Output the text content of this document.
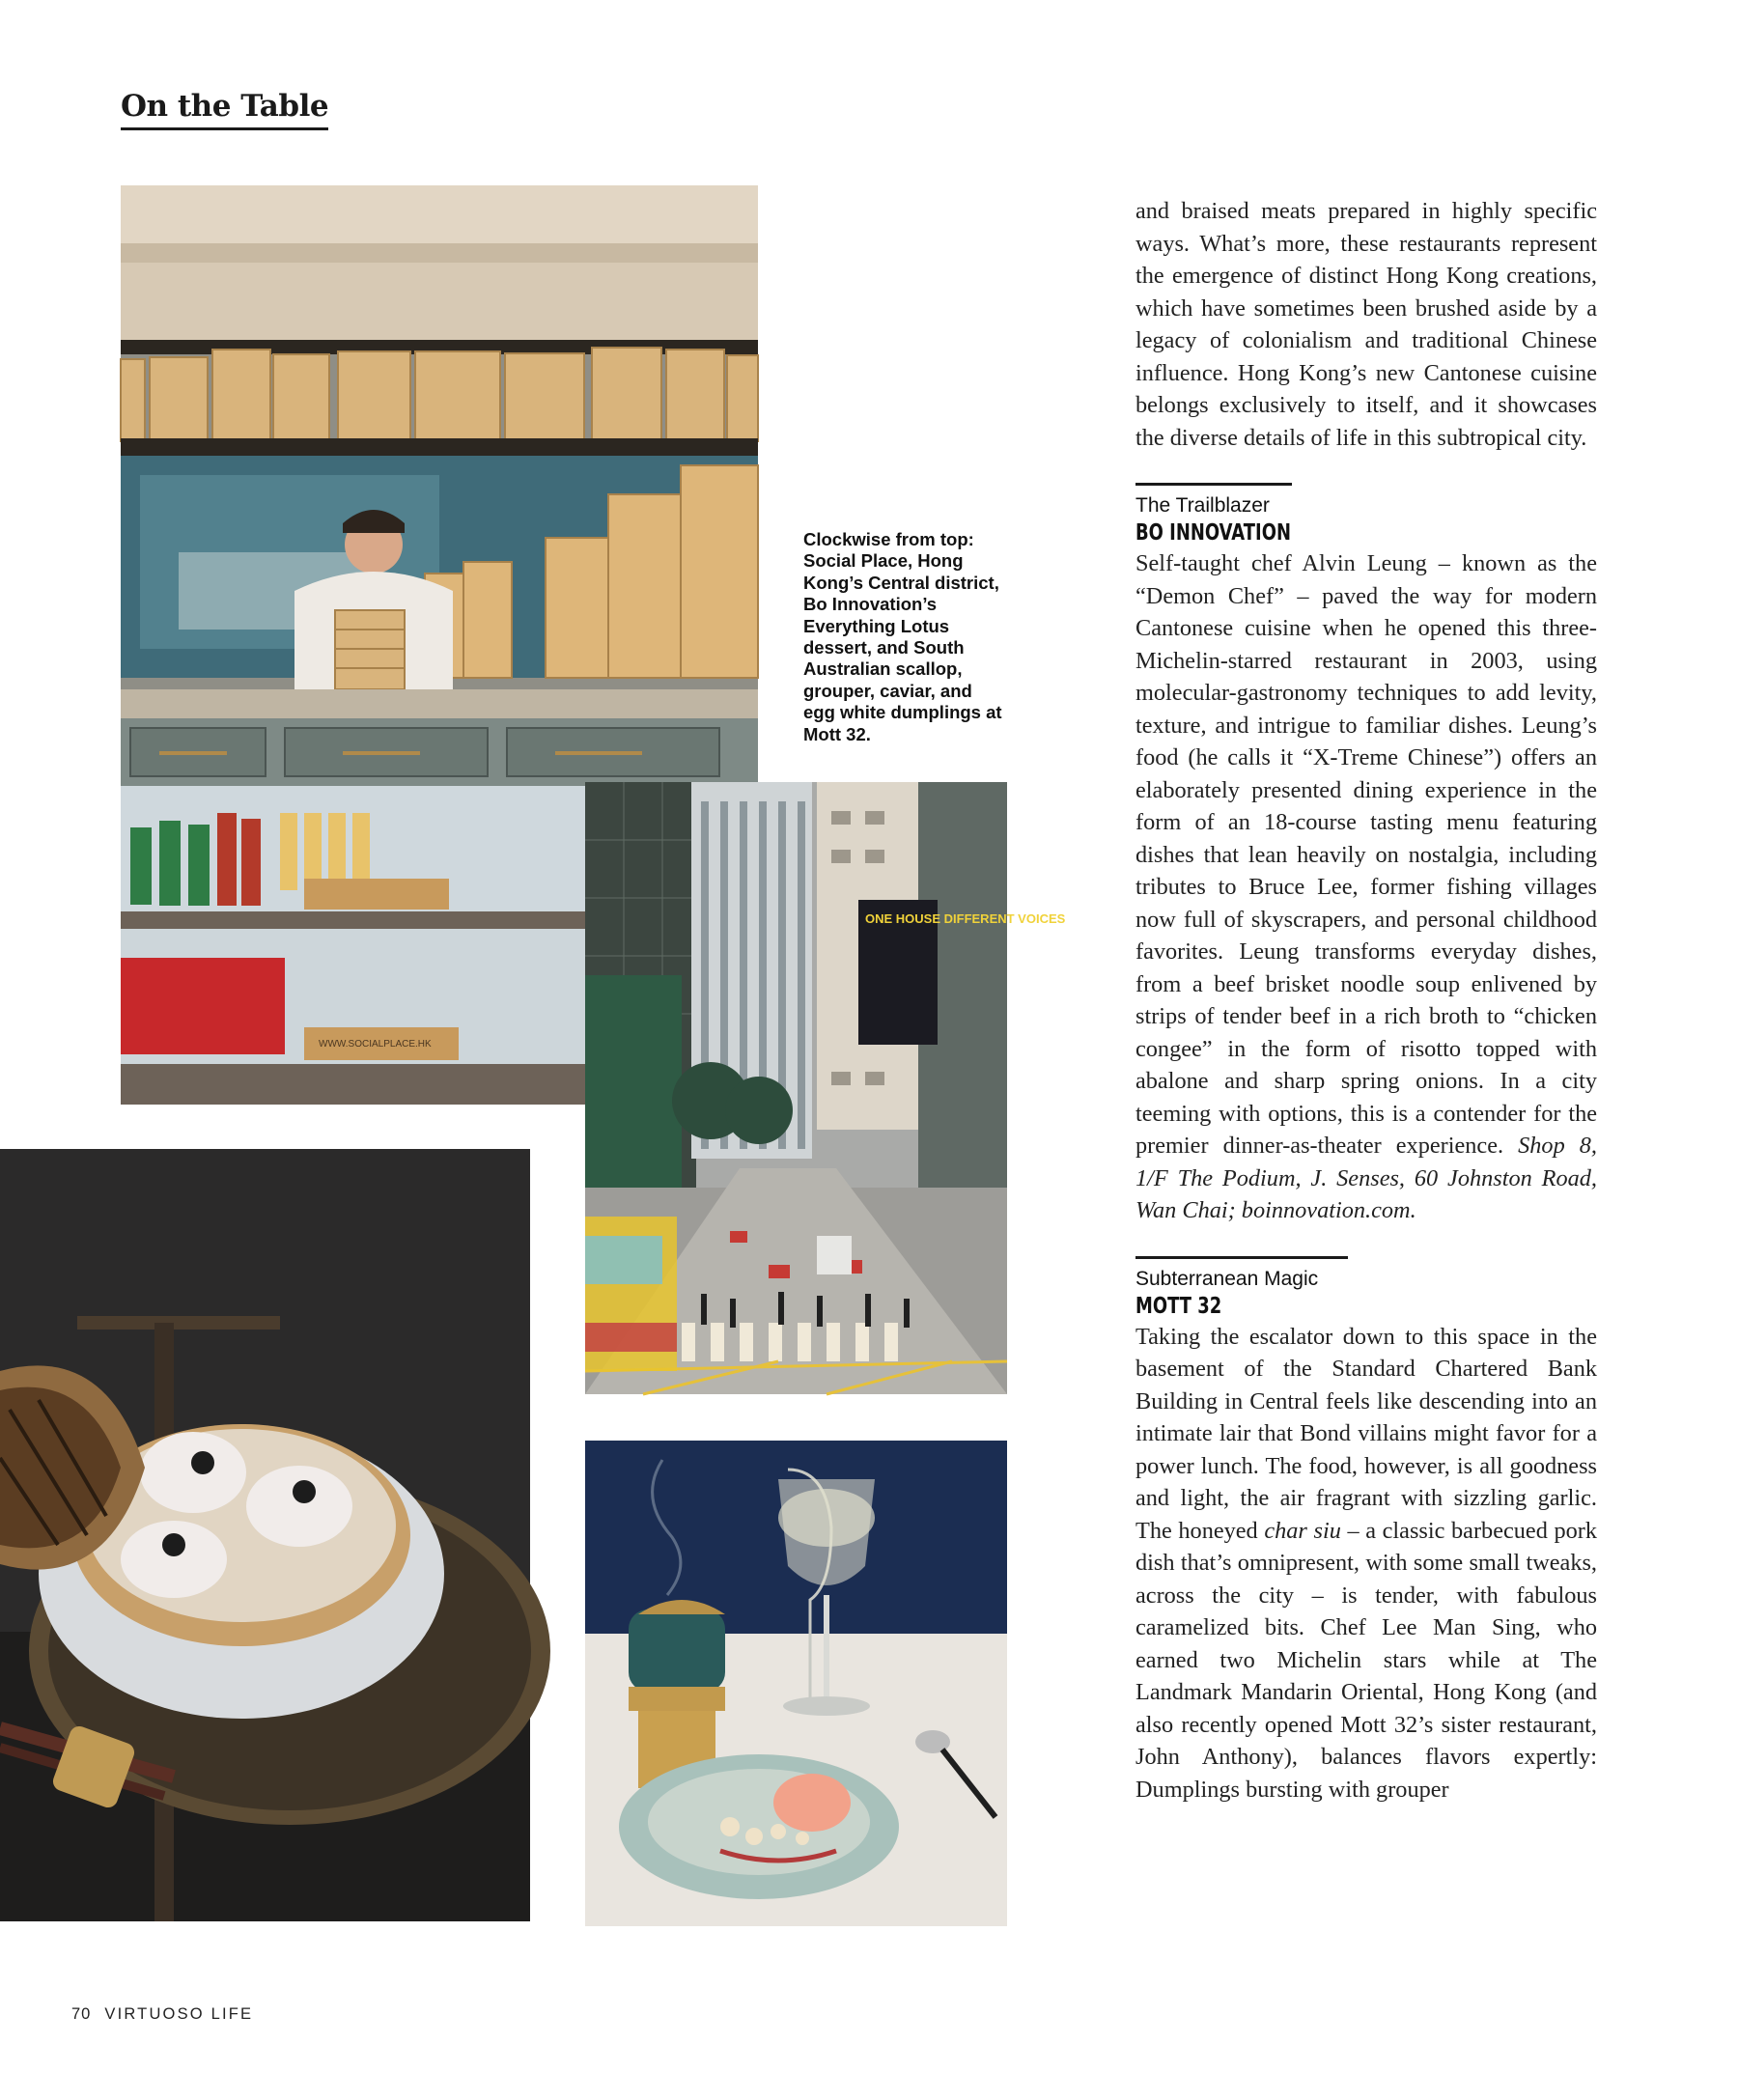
On the Table
WWW.SOCIALPLACE.HK
ONE HOUSE DIFFERENT VOICES
Clockwise from top: Social Place, Hong Kong’s Central district, Bo Innovation’s Everything Lotus dessert, and South Australian scallop, grouper, caviar, and egg white dumplings at Mott 32.

and braised meats prepared in highly specific ways. What’s more, these restaurants represent the emergence of distinct Hong Kong creations, which have sometimes been brushed aside by a legacy of colonialism and traditional Chinese influence. Hong Kong’s new Cantonese cuisine belongs exclusively to itself, and it showcases the diverse details of life in this subtropical city.

The Trailblazer
BO INNOVATION

Self-taught chef Alvin Leung – known as the “Demon Chef” – paved the way for modern Cantonese cuisine when he opened this three-Michelin-starred restaurant in 2003, using molecular-gastronomy techniques to add levity, texture, and intrigue to familiar dishes. Leung’s food (he calls it “X-Treme Chinese”) offers an elaborately presented dining experience in the form of an 18-course tasting menu featuring dishes that lean heavily on nostalgia, including tributes to Bruce Lee, former fishing villages now full of skyscrapers, and personal childhood favorites. Leung transforms everyday dishes, from a beef brisket noodle soup enlivened by strips of tender beef in a rich broth to “chicken congee” in the form of risotto topped with abalone and sharp spring onions. In a city teeming with options, this is a contender for the premier dinner-as-theater experience. Shop 8, 1/F The Podium, J. Senses, 60 Johnston Road, Wan Chai; boinnovation.com.

Subterranean Magic
MOTT 32

Taking the escalator down to this space in the basement of the Standard Chartered Bank Building in Central feels like descending into an intimate lair that Bond villains might favor for a power lunch. The food, however, is all goodness and light, the air fragrant with sizzling garlic. The honeyed char siu – a classic barbecued pork dish that’s omnipresent, with some small tweaks, across the city – is tender, with fabulous caramelized bits. Chef Lee Man Sing, who earned two Michelin stars while at The Landmark Mandarin Oriental, Hong Kong (and also recently opened Mott 32’s sister restaurant, John Anthony), balances flavors expertly: Dumplings bursting with grouper

70 VIRTUOSO LIFE
